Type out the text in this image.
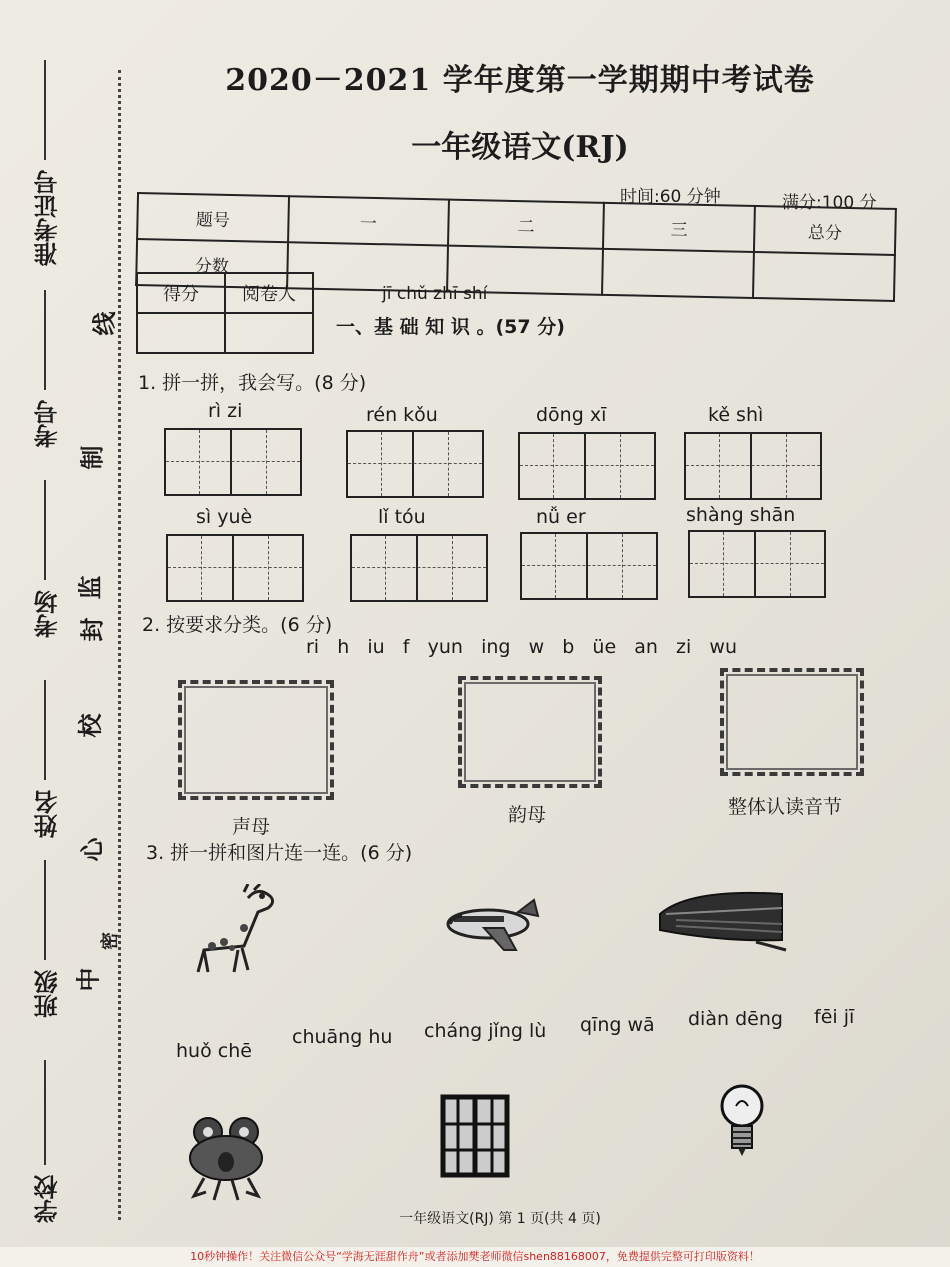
准考证号
考号
考场
姓名
班级
学校
线
制
监
封
校
心
中
密
2020－2021 学年度第一学期期中考试卷
一年级语文(RJ)
时间:60 分钟	满分:100 分
题号	一	二	三	总分
分数				
得分	阅卷人
		jī chǔ zhī shí
一、基 础 知 识 。(57 分)
1. 拼一拼，我会写。(8 分)
rì zi	rén kǒu	dōng xī	kě shì
sì yuè	lǐ tóu	nǚ er	shàng shān
2. 按要求分类。(6 分)
ri   h   iu   f   yun   ing   w   b   üe   an   zi   wu
声母
韵母	整体认读音节
3. 拼一拼和图片连一连。(6 分)
huǒ chē
chuāng hu cháng jǐng lù qīng wā diàn dēng fēi jī
一年级语文(RJ) 第 1 页(共 4 页)
10秒钟操作！关注微信公众号“学海无涯甜作舟”或者添加樊老师微信shen88168007，免费提供完整可打印版资料！
